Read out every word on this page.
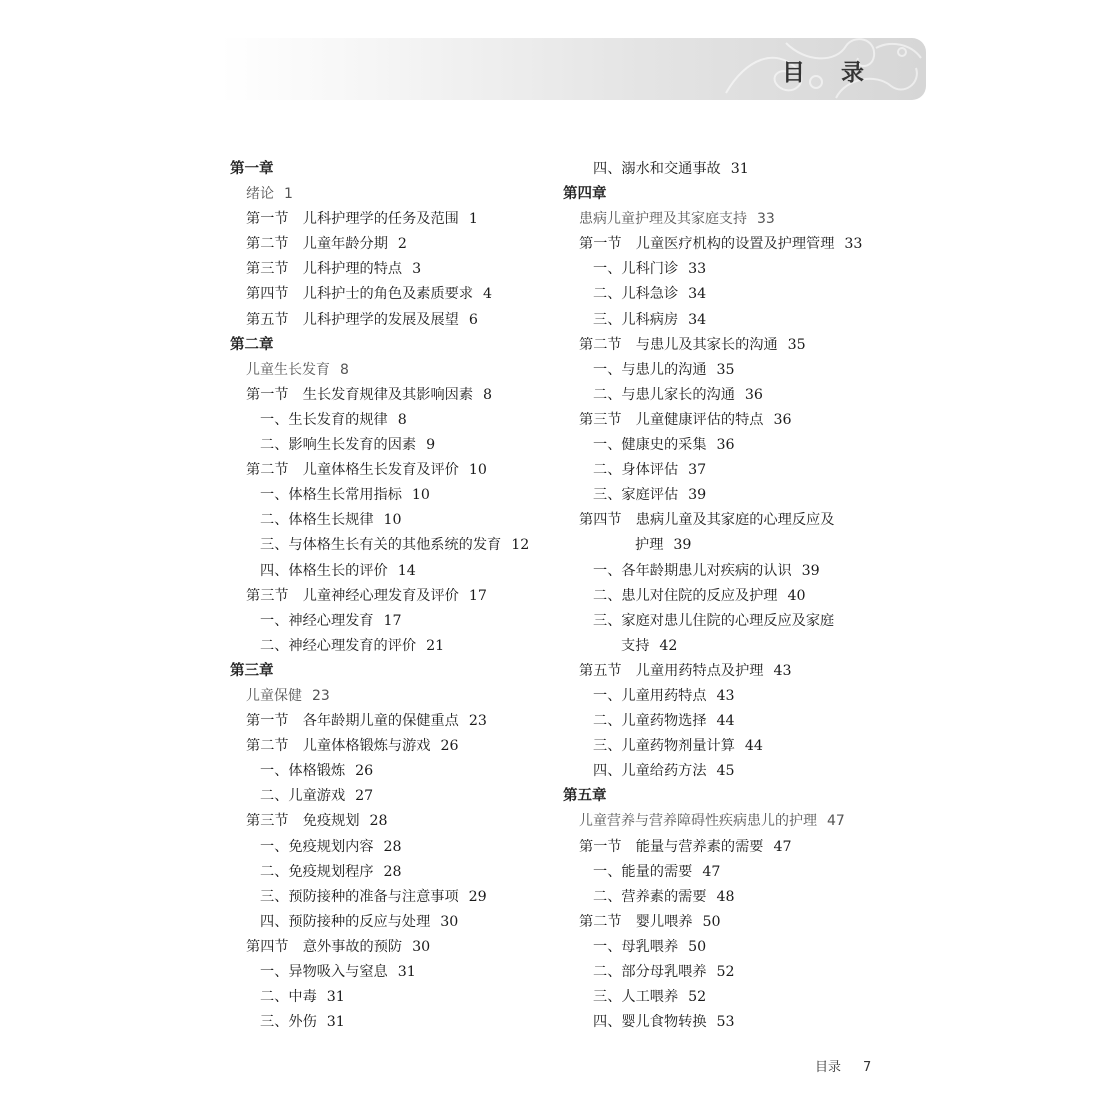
目 录
第一章
绪论 1
第一节　儿科护理学的任务及范围 1
第二节　儿童年龄分期 2
第三节　儿科护理的特点 3
第四节　儿科护士的角色及素质要求 4
第五节　儿科护理学的发展及展望 6
第二章
儿童生长发育 8
第一节　生长发育规律及其影响因素 8
一、生长发育的规律 8
二、影响生长发育的因素 9
第二节　儿童体格生长发育及评价 10
一、体格生长常用指标 10
二、体格生长规律 10
三、与体格生长有关的其他系统的发育 12
四、体格生长的评价 14
第三节　儿童神经心理发育及评价 17
一、神经心理发育 17
二、神经心理发育的评价 21
第三章
儿童保健 23
第一节　各年龄期儿童的保健重点 23
第二节　儿童体格锻炼与游戏 26
一、体格锻炼 26
二、儿童游戏 27
第三节　免疫规划 28
一、免疫规划内容 28
二、免疫规划程序 28
三、预防接种的准备与注意事项 29
四、预防接种的反应与处理 30
第四节　意外事故的预防 30
一、异物吸入与窒息 31
二、中毒 31
三、外伤 31
四、溺水和交通事故 31
第四章
患病儿童护理及其家庭支持 33
第一节　儿童医疗机构的设置及护理管理 33
一、儿科门诊 33
二、儿科急诊 34
三、儿科病房 34
第二节　与患儿及其家长的沟通 35
一、与患儿的沟通 35
二、与患儿家长的沟通 36
第三节　儿童健康评估的特点 36
一、健康史的采集 36
二、身体评估 37
三、家庭评估 39
第四节　患病儿童及其家庭的心理反应及
护理 39
一、各年龄期患儿对疾病的认识 39
二、患儿对住院的反应及护理 40
三、家庭对患儿住院的心理反应及家庭
支持 42
第五节　儿童用药特点及护理 43
一、儿童用药特点 43
二、儿童药物选择 44
三、儿童药物剂量计算 44
四、儿童给药方法 45
第五章
儿童营养与营养障碍性疾病患儿的护理 47
第一节　能量与营养素的需要 47
一、能量的需要 47
二、营养素的需要 48
第二节　婴儿喂养 50
一、母乳喂养 50
二、部分母乳喂养 52
三、人工喂养 52
四、婴儿食物转换 53
目录 7
